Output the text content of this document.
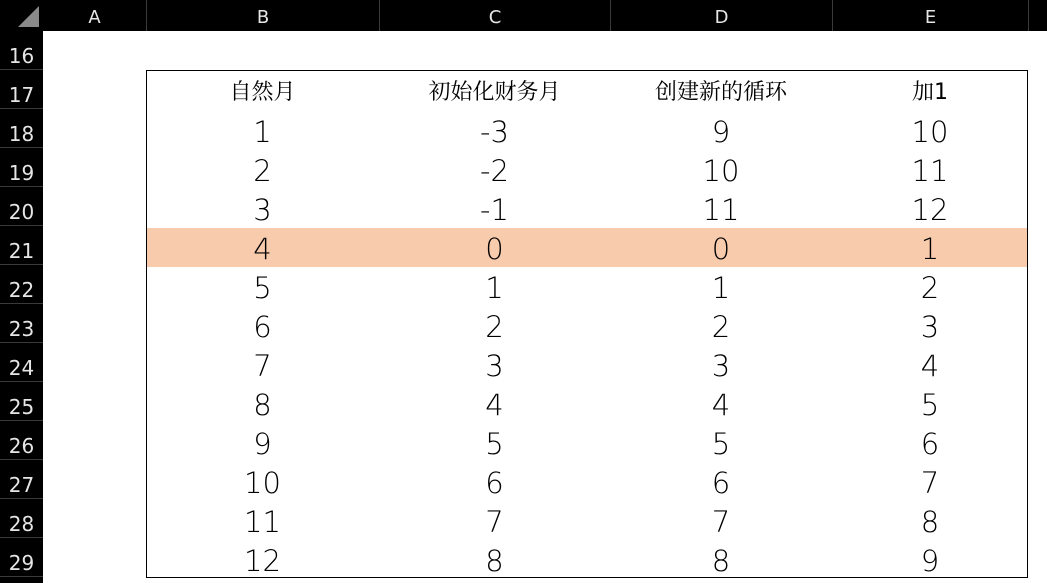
A	B	C	D	E
16
17
18
19
20
21
22
23
24
25
26
27
28
29
自然月	初始化财务月	创建新的循环	加1
1	-3	9	10
2	-2	10	11
3	-1	11	12
4	0	0	1
5	1	1	2
6	2	2	3
7	3	3	4
8	4	4	5
9	5	5	6
10	6	6	7
11	7	7	8
12	8	8	9
